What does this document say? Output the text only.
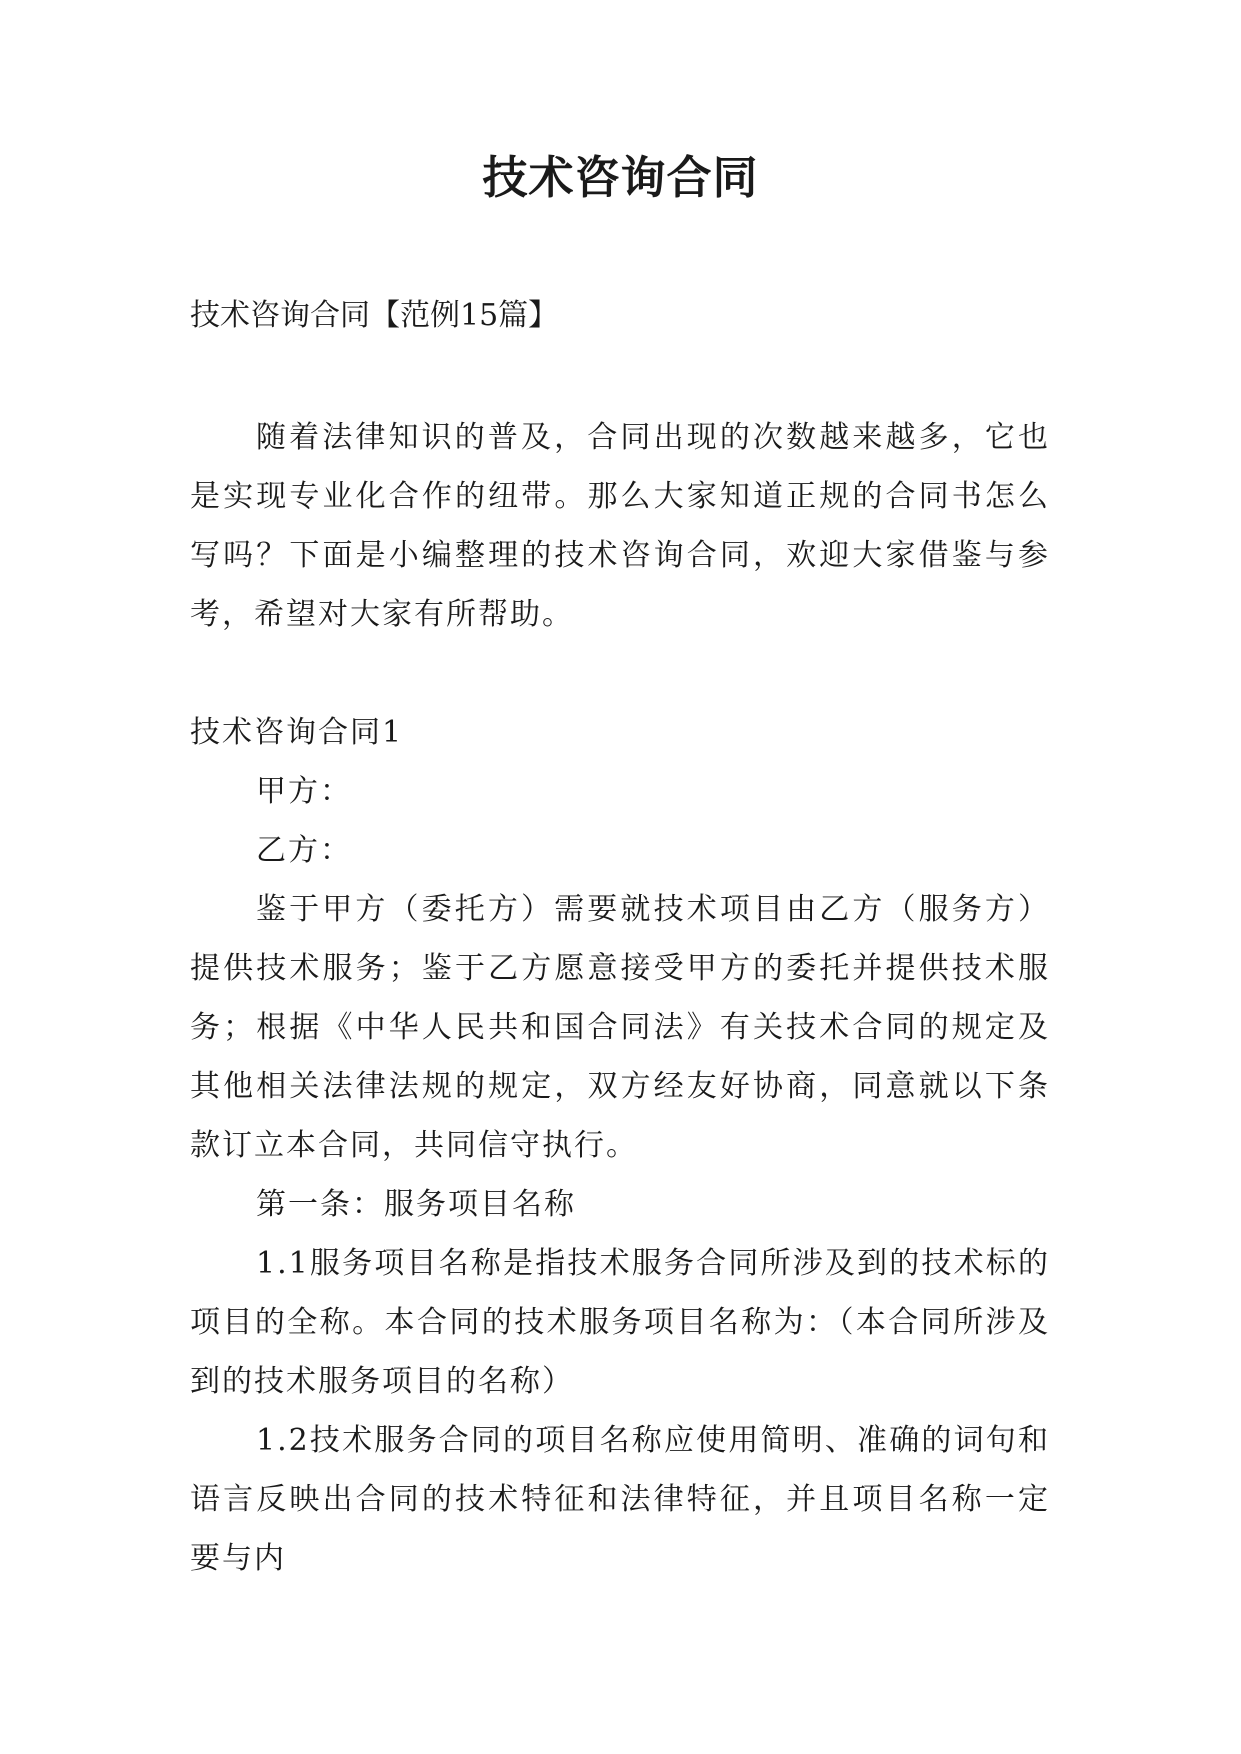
技术咨询合同
技术咨询合同【范例15篇】

随着法律知识的普及，合同出现的次数越来越多，它也是实现专业化合作的纽带。那么大家知道正规的合同书怎么写吗？下面是小编整理的技术咨询合同，欢迎大家借鉴与参考，希望对大家有所帮助。

技术咨询合同1

甲方：

乙方：

鉴于甲方（委托方）需要就技术项目由乙方（服务方）提供技术服务；鉴于乙方愿意接受甲方的委托并提供技术服务；根据《中华人民共和国合同法》有关技术合同的规定及其他相关法律法规的规定，双方经友好协商，同意就以下条款订立本合同，共同信守执行。

第一条：服务项目名称

1.1服务项目名称是指技术服务合同所涉及到的技术标的项目的全称。本合同的技术服务项目名称为：（本合同所涉及到的技术服务项目的名称）

1.2技术服务合同的项目名称应使用简明、准确的词句和语言反映出合同的技术特征和法律特征，并且项目名称一定要与内
